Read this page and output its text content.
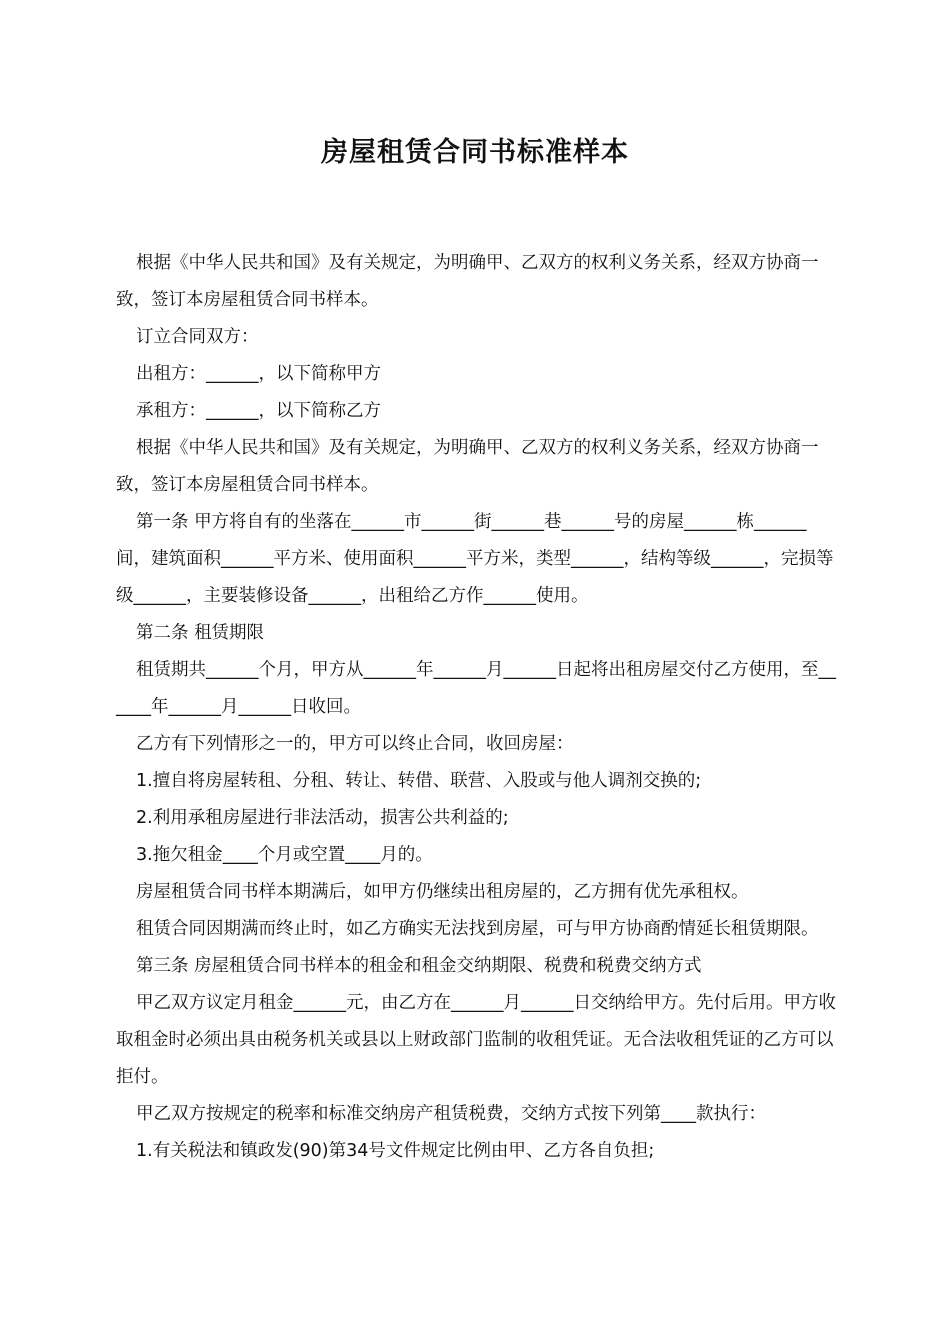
房屋租赁合同书标准样本

根据《中华人民共和国》及有关规定，为明确甲、乙双方的权利义务关系，经双方协商一致，签订本房屋租赁合同书样本。

订立合同双方：

出租方：______，以下简称甲方

承租方：______，以下简称乙方

根据《中华人民共和国》及有关规定，为明确甲、乙双方的权利义务关系，经双方协商一致，签订本房屋租赁合同书样本。

第一条 甲方将自有的坐落在______市______街______巷______号的房屋______栋______间，建筑面积______平方米、使用面积______平方米，类型______，结构等级______，完损等级______，主要装修设备______，出租给乙方作______使用。

第二条 租赁期限

租赁期共______个月，甲方从______年______月______日起将出租房屋交付乙方使用，至______年______月______日收回。

乙方有下列情形之一的，甲方可以终止合同，收回房屋：

1.擅自将房屋转租、分租、转让、转借、联营、入股或与他人调剂交换的;

2.利用承租房屋进行非法活动，损害公共利益的;

3.拖欠租金____个月或空置____月的。

房屋租赁合同书样本期满后，如甲方仍继续出租房屋的，乙方拥有优先承租权。

租赁合同因期满而终止时，如乙方确实无法找到房屋，可与甲方协商酌情延长租赁期限。

第三条 房屋租赁合同书样本的租金和租金交纳期限、税费和税费交纳方式

甲乙双方议定月租金______元，由乙方在______月______日交纳给甲方。先付后用。甲方收取租金时必须出具由税务机关或县以上财政部门监制的收租凭证。无合法收租凭证的乙方可以拒付。

甲乙双方按规定的税率和标准交纳房产租赁税费，交纳方式按下列第____款执行：

1.有关税法和镇政发(90)第34号文件规定比例由甲、乙方各自负担;
